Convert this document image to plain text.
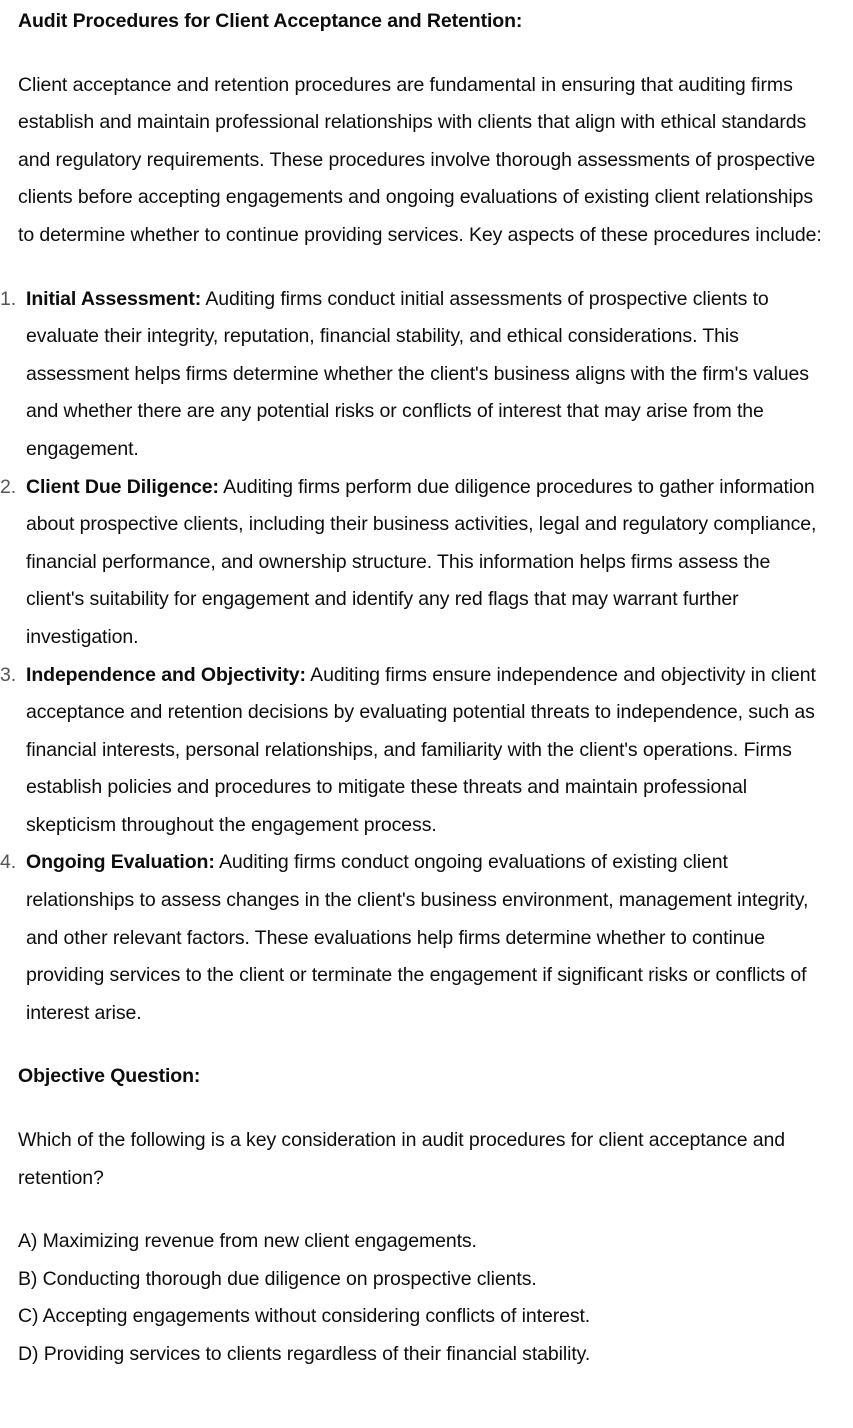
Audit Procedures for Client Acceptance and Retention:

Client acceptance and retention procedures are fundamental in ensuring that auditing firms establish and maintain professional relationships with clients that align with ethical standards and regulatory requirements. These procedures involve thorough assessments of prospective clients before accepting engagements and ongoing evaluations of existing client relationships to determine whether to continue providing services. Key aspects of these procedures include:

1. Initial Assessment: Auditing firms conduct initial assessments of prospective clients to evaluate their integrity, reputation, financial stability, and ethical considerations. This assessment helps firms determine whether the client's business aligns with the firm's values and whether there are any potential risks or conflicts of interest that may arise from the engagement.
2. Client Due Diligence: Auditing firms perform due diligence procedures to gather information about prospective clients, including their business activities, legal and regulatory compliance, financial performance, and ownership structure. This information helps firms assess the client's suitability for engagement and identify any red flags that may warrant further investigation.
3. Independence and Objectivity: Auditing firms ensure independence and objectivity in client acceptance and retention decisions by evaluating potential threats to independence, such as financial interests, personal relationships, and familiarity with the client's operations. Firms establish policies and procedures to mitigate these threats and maintain professional skepticism throughout the engagement process.
4. Ongoing Evaluation: Auditing firms conduct ongoing evaluations of existing client relationships to assess changes in the client's business environment, management integrity, and other relevant factors. These evaluations help firms determine whether to continue providing services to the client or terminate the engagement if significant risks or conflicts of interest arise.

Objective Question:

Which of the following is a key consideration in audit procedures for client acceptance and retention?

A) Maximizing revenue from new client engagements.
B) Conducting thorough due diligence on prospective clients.
C) Accepting engagements without considering conflicts of interest.
D) Providing services to clients regardless of their financial stability.
